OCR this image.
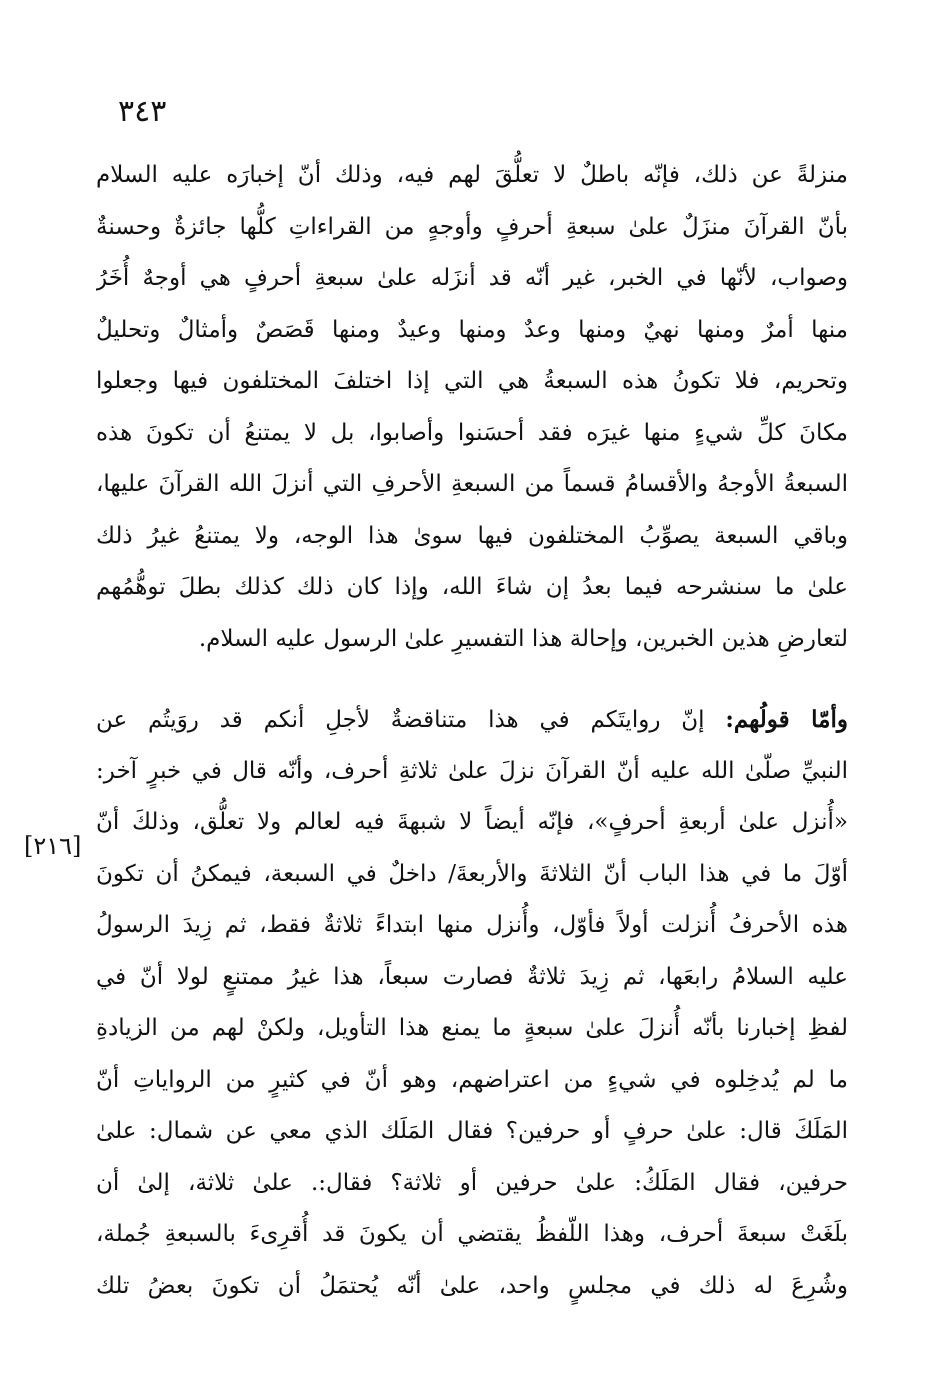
٣٤٣
[٢١٦]
منزلةً عن ذلك، فإنّه باطلٌ لا تعلُّقَ لهم فيه، وذلك أنّ إخبارَه عليه السلام
بأنّ القرآنَ منزَلٌ علىٰ سبعةِ أحرفٍ وأوجهٍ من القراءاتِ كلُّها جائزةٌ وحسنةٌ
وصواب، لأنّها في الخبر، غير أنّه قد أنزَله علىٰ سبعةِ أحرفٍ هي أوجهٌ أُخَرُ
منها أمرٌ ومنها نهيٌ ومنها وعدٌ ومنها وعيدٌ ومنها قَصَصٌ وأمثالٌ وتحليلٌ
وتحريم، فلا تكونُ هذه السبعةُ هي التي إذا اختلفَ المختلفون فيها وجعلوا
مكانَ كلِّ شيءٍ منها غيرَه فقد أحسَنوا وأصابوا، بل لا يمتنعُ أن تكونَ هذه
السبعةُ الأوجهُ والأقسامُ قسماً من السبعةِ الأحرفِ التي أنزلَ الله القرآنَ عليها،
وباقي السبعة يصوِّبُ المختلفون فيها سوىٰ هذا الوجه، ولا يمتنعُ غيرُ ذلك
علىٰ ما سنشرحه فيما بعدُ إن شاءَ الله، وإذا كان ذلك كذلك بطلَ توهُّمُهم
لتعارضِ هذين الخبرين، وإحالة هذا التفسيرِ علىٰ الرسول عليه السلام.
وأمّا قولُهم: إنّ روايتَكم في هذا متناقضةٌ لأجلِ أنكم قد روَيتُم عن
النبيِّ صلّىٰ الله عليه أنّ القرآنَ نزلَ علىٰ ثلاثةِ أحرف، وأنّه قال في خبرٍ آخر:
«أُنزل علىٰ أربعةِ أحرفٍ»، فإنّه أيضاً لا شبهةَ فيه لعالم ولا تعلُّق، وذلكَ أنّ
أوّلَ ما في هذا الباب أنّ الثلاثةَ والأربعةَ/ داخلٌ في السبعة، فيمكنُ أن تكونَ
هذه الأحرفُ أُنزلت أولاً فأوّل، وأُنزل منها ابتداءً ثلاثةٌ فقط، ثم زِيدَ الرسولُ
عليه السلامُ رابعَها، ثم زِيدَ ثلاثةٌ فصارت سبعاً، هذا غيرُ ممتنعٍ لولا أنّ في
لفظِ إخبارنا بأنّه أُنزلَ علىٰ سبعةٍ ما يمنع هذا التأويل، ولكنْ لهم من الزيادةِ
ما لم يُدخِلوه في شيءٍ من اعتراضهم، وهو أنّ في كثيرٍ من الرواياتِ أنّ
المَلَكَ قال: علىٰ حرفٍ أو حرفين؟ فقال المَلَك الذي معي عن شمال: علىٰ
حرفين، فقال المَلَكُ: علىٰ حرفين أو ثلاثة؟ فقال:. علىٰ ثلاثة، إلىٰ أن
بلَغَتْ سبعةَ أحرف، وهذا اللّفظُ يقتضي أن يكونَ قد أُقرِىءَ بالسبعةِ جُملة،
وشُرِعَ له ذلك في مجلسٍ واحد، علىٰ أنّه يُحتمَلُ أن تكونَ بعضُ تلك
